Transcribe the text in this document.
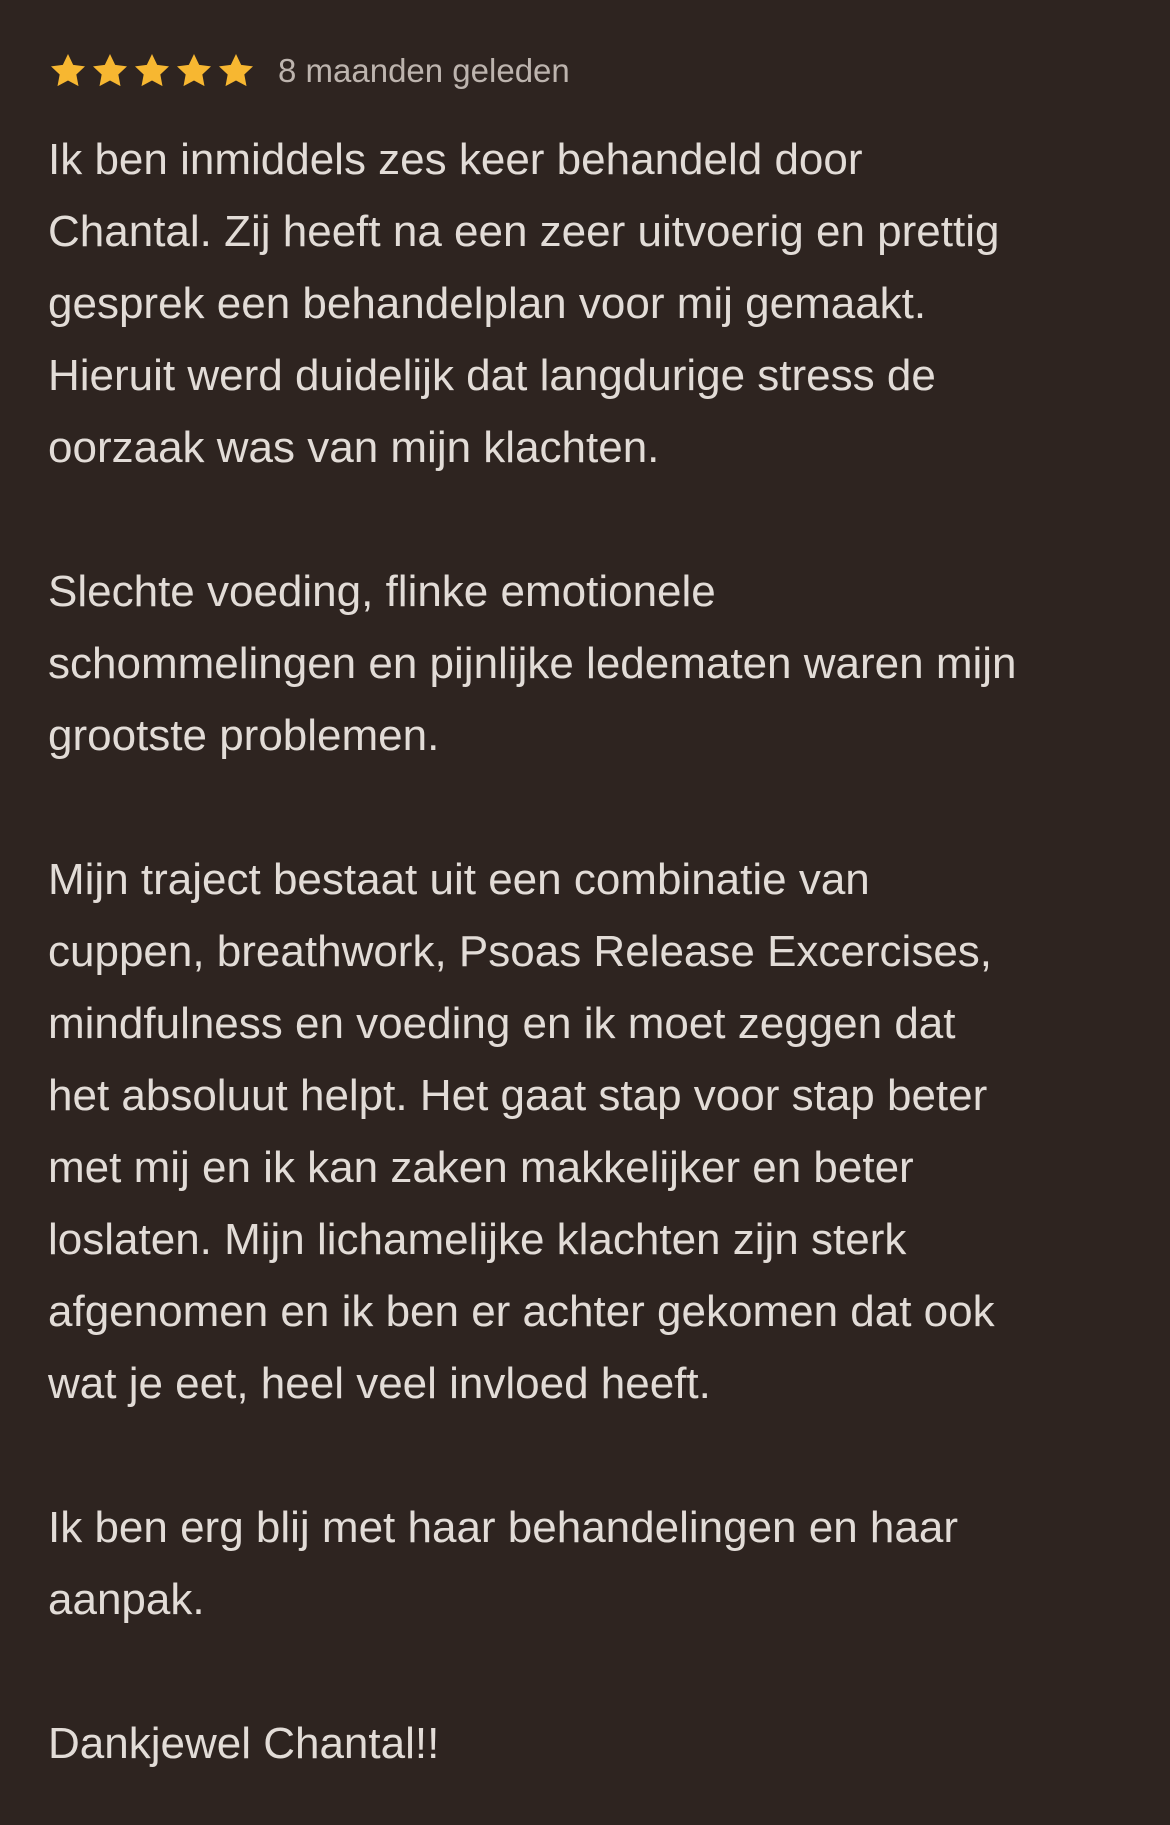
8 maanden geleden

Ik ben inmiddels zes keer behandeld door
Chantal. Zij heeft na een zeer uitvoerig en prettig
gesprek een behandelplan voor mij gemaakt.
Hieruit werd duidelijk dat langdurige stress de
oorzaak was van mijn klachten.

Slechte voeding, flinke emotionele
schommelingen en pijnlijke ledematen waren mijn
grootste problemen.

Mijn traject bestaat uit een combinatie van
cuppen, breathwork, Psoas Release Excercises,
mindfulness en voeding en ik moet zeggen dat
het absoluut helpt. Het gaat stap voor stap beter
met mij en ik kan zaken makkelijker en beter
loslaten. Mijn lichamelijke klachten zijn sterk
afgenomen en ik ben er achter gekomen dat ook
wat je eet, heel veel invloed heeft.

Ik ben erg blij met haar behandelingen en haar
aanpak.

Dankjewel Chantal!!
